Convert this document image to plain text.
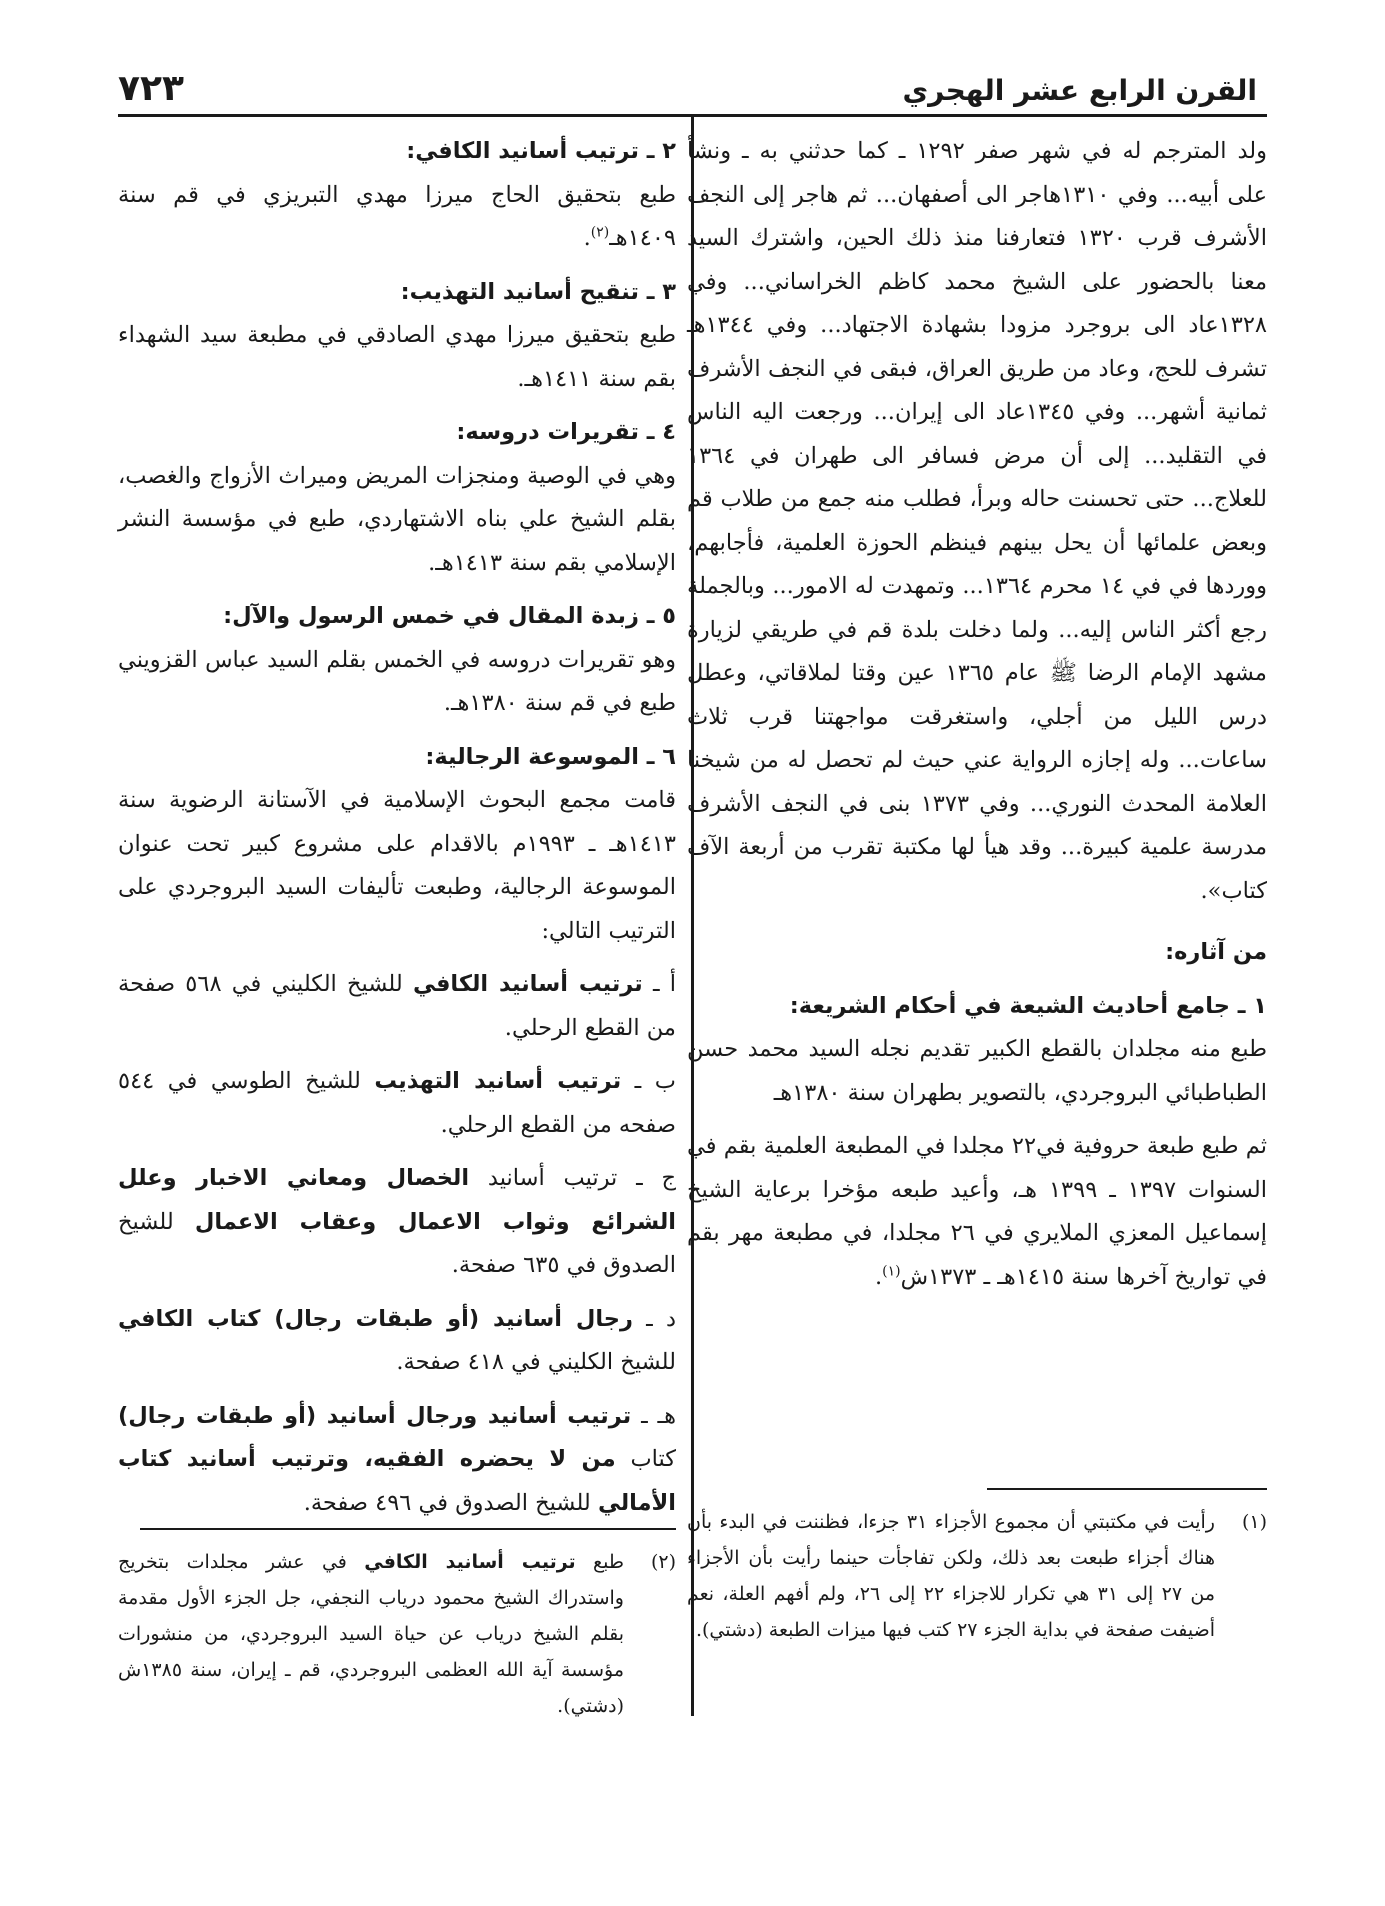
القرن الرابع عشر الهجري
٧٢٣

ولد المترجم له في شهر صفر ١٢٩٢ ـ كما حدثني به ـ ونشأ على أبيه... وفي ١٣١٠هاجر الى أصفهان... ثم هاجر إلى النجف الأشرف قرب ١٣٢٠ فتعارفنا منذ ذلك الحين، واشترك السيد معنا بالحضور على الشيخ محمد كاظم الخراساني... وفي ١٣٢٨عاد الى بروجرد مزودا بشهادة الاجتهاد... وفي ١٣٤٤هـ تشرف للحج، وعاد من طريق العراق، فبقى في النجف الأشرف ثمانية أشهر... وفي ١٣٤٥عاد الى إيران... ورجعت اليه الناس في التقليد... إلى أن مرض فسافر الى طهران في ١٣٦٤ للعلاج... حتى تحسنت حاله وبرأ، فطلب منه جمع من طلاب قم وبعض علمائها أن يحل بينهم فينظم الحوزة العلمية، فأجابهم، ووردها في في ١٤ محرم ١٣٦٤... وتمهدت له الامور... وبالجملة رجع أكثر الناس إليه... ولما دخلت بلدة قم في طريقي لزيارة مشهد الإمام الرضا ﷺ عام ١٣٦٥ عين وقتا لملاقاتي، وعطل درس الليل من أجلي، واستغرقت مواجهتنا قرب ثلاث ساعات... وله إجازه الرواية عني حيث لم تحصل له من شيخنا العلامة المحدث النوري... وفي ١٣٧٣ بنى في النجف الأشرف مدرسة علمية كبيرة... وقد هيأ لها مكتبة تقرب من أربعة الآف كتاب».

من آثاره:

١ ـ جامع أحاديث الشيعة في أحكام الشريعة:

طبع منه مجلدان بالقطع الكبير تقديم نجله السيد محمد حسن الطباطبائي البروجردي، بالتصوير بطهران سنة ١٣٨٠هـ

ثم طبع طبعة حروفية في٢٢ مجلدا في المطبعة العلمية بقم في السنوات ١٣٩٧ ـ ١٣٩٩ هـ، وأعيد طبعه مؤخرا برعاية الشيخ إسماعيل المعزي الملايري في ٢٦ مجلدا، في مطبعة مهر بقم في تواريخ آخرها سنة ١٤١٥هـ ـ ١٣٧٣ش$^{(١)}$.

٢ ـ ترتيب أسانيد الكافي:

طبع بتحقيق الحاج ميرزا مهدي التبريزي في قم سنة ١٤٠٩هـ$^{(٢)}$.

٣ ـ تنقيح أسانيد التهذيب:

طبع بتحقيق ميرزا مهدي الصادقي في مطبعة سيد الشهداء بقم سنة ١٤١١هـ.

٤ ـ تقريرات دروسه:

وهي في الوصية ومنجزات المريض وميراث الأزواج والغصب، بقلم الشيخ علي بناه الاشتهاردي، طبع في مؤسسة النشر الإسلامي بقم سنة ١٤١٣هـ.

٥ ـ زبدة المقال في خمس الرسول والآل:

وهو تقريرات دروسه في الخمس بقلم السيد عباس القزويني طبع في قم سنة ١٣٨٠هـ.

٦ ـ الموسوعة الرجالية:

قامت مجمع البحوث الإسلامية في الآستانة الرضوية سنة ١٤١٣هـ ـ ١٩٩٣م بالاقدام على مشروع كبير تحت عنوان الموسوعة الرجالية، وطبعت تأليفات السيد البروجردي على الترتيب التالي:

أ ـ ترتيب أسانيد الكافي للشيخ الكليني في ٥٦٨ صفحة من القطع الرحلي.

ب ـ ترتيب أسانيد التهذيب للشيخ الطوسي في ٥٤٤ صفحه من القطع الرحلي.

ج ـ ترتيب أسانيد الخصال ومعاني الاخبار وعلل الشرائع وثواب الاعمال وعقاب الاعمال للشيخ الصدوق في ٦٣٥ صفحة.

د ـ رجال أسانيد (أو طبقات رجال) كتاب الكافي للشيخ الكليني في ٤١٨ صفحة.

هـ ـ ترتيب أسانيد ورجال أسانيد (أو طبقات رجال) كتاب من لا يحضره الفقيه، وترتيب أسانيد كتاب الأمالي للشيخ الصدوق في ٤٩٦ صفحة.

(١)
رأيت في مكتبتي أن مجموع الأجزاء ٣١ جزءا، فظننت في البدء بأن هناك أجزاء طبعت بعد ذلك، ولكن تفاجأت حينما رأيت بأن الأجزاء من ٢٧ إلى ٣١ هي تكرار للاجزاء ٢٢ إلى ٢٦، ولم أفهم العلة، نعم أضيفت صفحة في بداية الجزء ٢٧ كتب فيها ميزات الطبعة (دشتي).
(٢)
طبع ترتيب أسانيد الكافي في عشر مجلدات بتخريج واستدراك الشيخ محمود درياب النجفي، جل الجزء الأول مقدمة بقلم الشيخ درياب عن حياة السيد البروجردي، من منشورات مؤسسة آية الله العظمى البروجردي، قم ـ إيران، سنة ١٣٨٥ش (دشتي).
